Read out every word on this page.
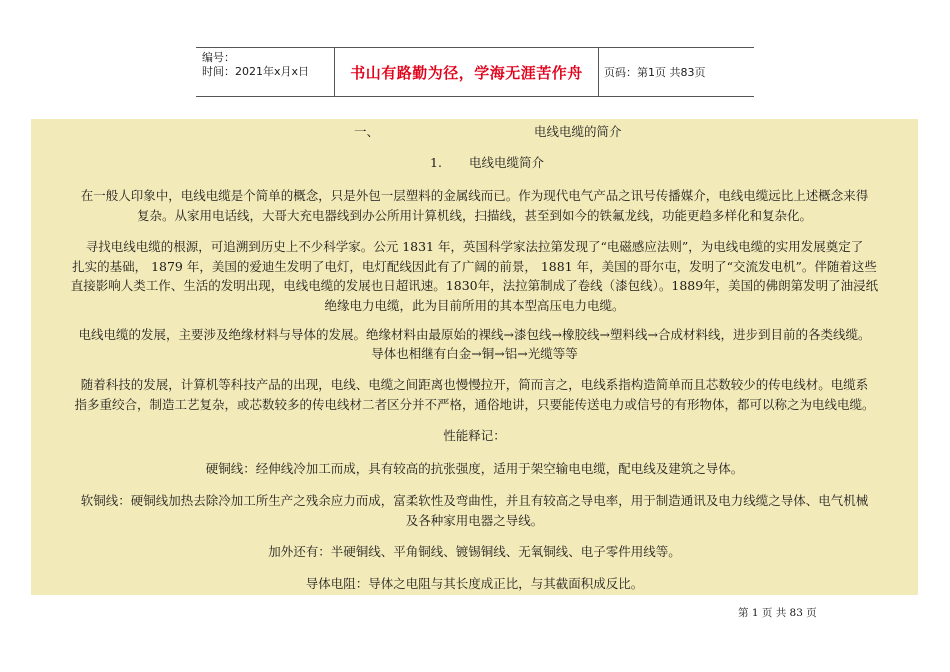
编号：
时间：2021年x月x日	书山有路勤为径，学海无涯苦作舟 页码：第1页 共83页
一、	电线电缆的简介
1. 电线电缆简介
在一般人印象中，电线电缆是个简单的概念，只是外包一层塑料的金属线而已。作为现代电气产品之讯号传播媒介，电线电缆远比上述概念来得
复杂。从家用电话线，大哥大充电器线到办公所用计算机线，扫描线，甚至到如今的铁氟龙线，功能更趋多样化和复杂化。
寻找电线电缆的根源，可追溯到历史上不少科学家。公元 1831 年，英国科学家法拉第发现了“电磁感应法则”，为电线电缆的实用发展奠定了
扎实的基础， 1879 年，美国的爱迪生发明了电灯，电灯配线因此有了广阔的前景， 1881 年，美国的哥尔屯，发明了“交流发电机”。伴随着这些
直接影响人类工作、生活的发明出现，电线电缆的发展也日超讯速。1830年，法拉第制成了卷线（漆包线）。1889年，美国的佛朗第发明了油浸纸
绝缘电力电缆，此为目前所用的其本型高压电力电缆。
电线电缆的发展，主要涉及绝缘材料与导体的发展。绝缘材料由最原始的裸线→漆包线→橡胶线→塑料线→合成材料线，进步到目前的各类线缆。
导体也相继有白金→铜→铝→光缆等等
随着科技的发展，计算机等科技产品的出现，电线、电缆之间距离也慢慢拉开，简而言之，电线系指构造简单而且芯数较少的传电线材。电缆系
指多重绞合，制造工艺复杂，或芯数较多的传电线材二者区分并不严格，通俗地讲，只要能传送电力或信号的有形物体，都可以称之为电线电缆。
性能释记：
硬铜线：经伸线冷加工而成，具有较高的抗张强度，适用于架空输电电缆，配电线及建筑之导体。
软铜线：硬铜线加热去除冷加工所生产之残余应力而成，富柔软性及弯曲性，并且有较高之导电率，用于制造通讯及电力线缆之导体、电气机械
及各种家用电器之导线。
加外还有：半硬铜线、平角铜线、镀锡铜线、无氧铜线、电子零件用线等。
导体电阻：导体之电阻与其长度成正比，与其截面积成反比。
第 1 页 共 83 页
